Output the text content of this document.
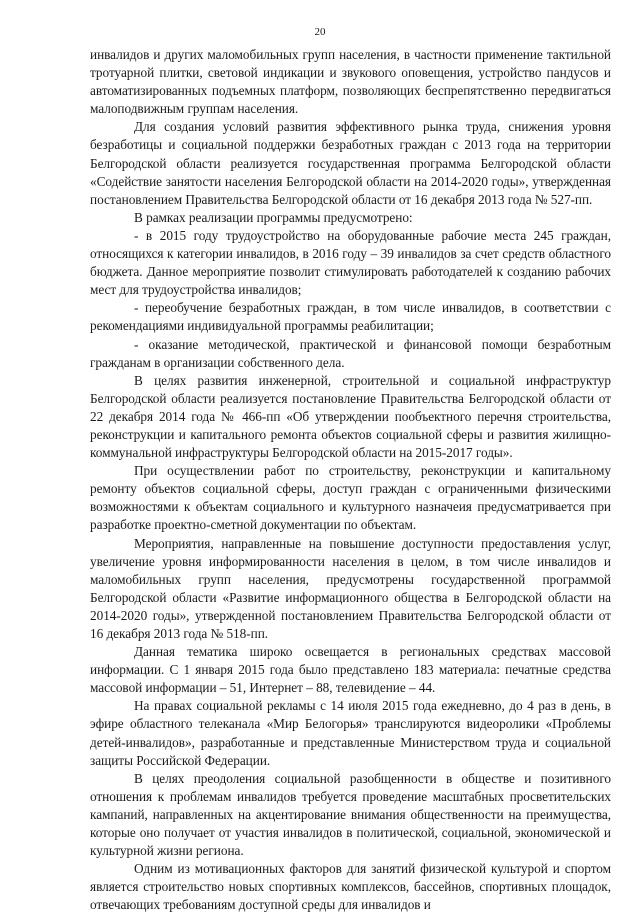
20

инвалидов и других маломобильных групп населения, в частности применение тактильной тротуарной плитки, световой индикации и звукового оповещения, устройство пандусов и автоматизированных подъемных платформ, позволяющих беспрепятственно передвигаться малоподвижным группам населения.

Для создания условий развития эффективного рынка труда, снижения уровня безработицы и социальной поддержки безработных граждан с 2013 года на территории Белгородской области реализуется государственная программа Белгородской области «Содействие занятости населения Белгородской области на 2014-2020 годы», утвержденная постановлением Правительства Белгородской области от 16 декабря 2013 года № 527-пп.

В рамках реализации программы предусмотрено:

- в 2015 году трудоустройство на оборудованные рабочие места 245 граждан, относящихся к категории инвалидов, в 2016 году – 39 инвалидов за счет средств областного бюджета. Данное мероприятие позволит стимулировать работодателей к созданию рабочих мест для трудоустройства инвалидов;

- переобучение безработных граждан, в том числе инвалидов, в соответствии с рекомендациями индивидуальной программы реабилитации;

- оказание методической, практической и финансовой помощи безработным гражданам в организации собственного дела.

В целях развития инженерной, строительной и социальной инфраструктур Белгородской области реализуется постановление Правительства Белгородской области от 22 декабря 2014 года № 466-пп «Об утверждении пообъектного перечня строительства, реконструкции и капитального ремонта объектов социальной сферы и развития жилищно-коммунальной инфраструктуры Белгородской области на 2015-2017 годы».

При осуществлении работ по строительству, реконструкции и капитальному ремонту объектов социальной сферы, доступ граждан с ограниченными физическими возможностями к объектам социального и культурного назначеия предусматривается при разработке проектно-сметной документации по объектам.

Мероприятия, направленные на повышение доступности предоставления услуг, увеличение уровня информированности населения в целом, в том числе инвалидов и маломобильных групп населения, предусмотрены государственной программой Белгородской области «Развитие информационного общества в Белгородской области на 2014-2020 годы», утвержденной постановлением Правительства Белгородской области от 16 декабря 2013 года № 518-пп.

Данная тематика широко освещается в региональных средствах массовой информации. С 1 января 2015 года было представлено 183 материала: печатные средства массовой информации – 51, Интернет – 88, телевидение – 44.

На правах социальной рекламы с 14 июля 2015 года ежедневно, до 4 раз в день, в эфире областного телеканала «Мир Белогорья» транслируются видеоролики «Проблемы детей-инвалидов», разработанные и представленные Министерством труда и социальной защиты Российской Федерации.

В целях преодоления социальной разобщенности в обществе и позитивного отношения к проблемам инвалидов требуется проведение масштабных просветительских кампаний, направленных на акцентирование внимания общественности на преимущества, которые оно получает от участия инвалидов в политической, социальной, экономической и культурной жизни региона.

Одним из мотивационных факторов для занятий физической культурой и спортом является строительство новых спортивных комплексов, бассейнов, спортивных площадок, отвечающих требованиям доступной среды для инвалидов и
